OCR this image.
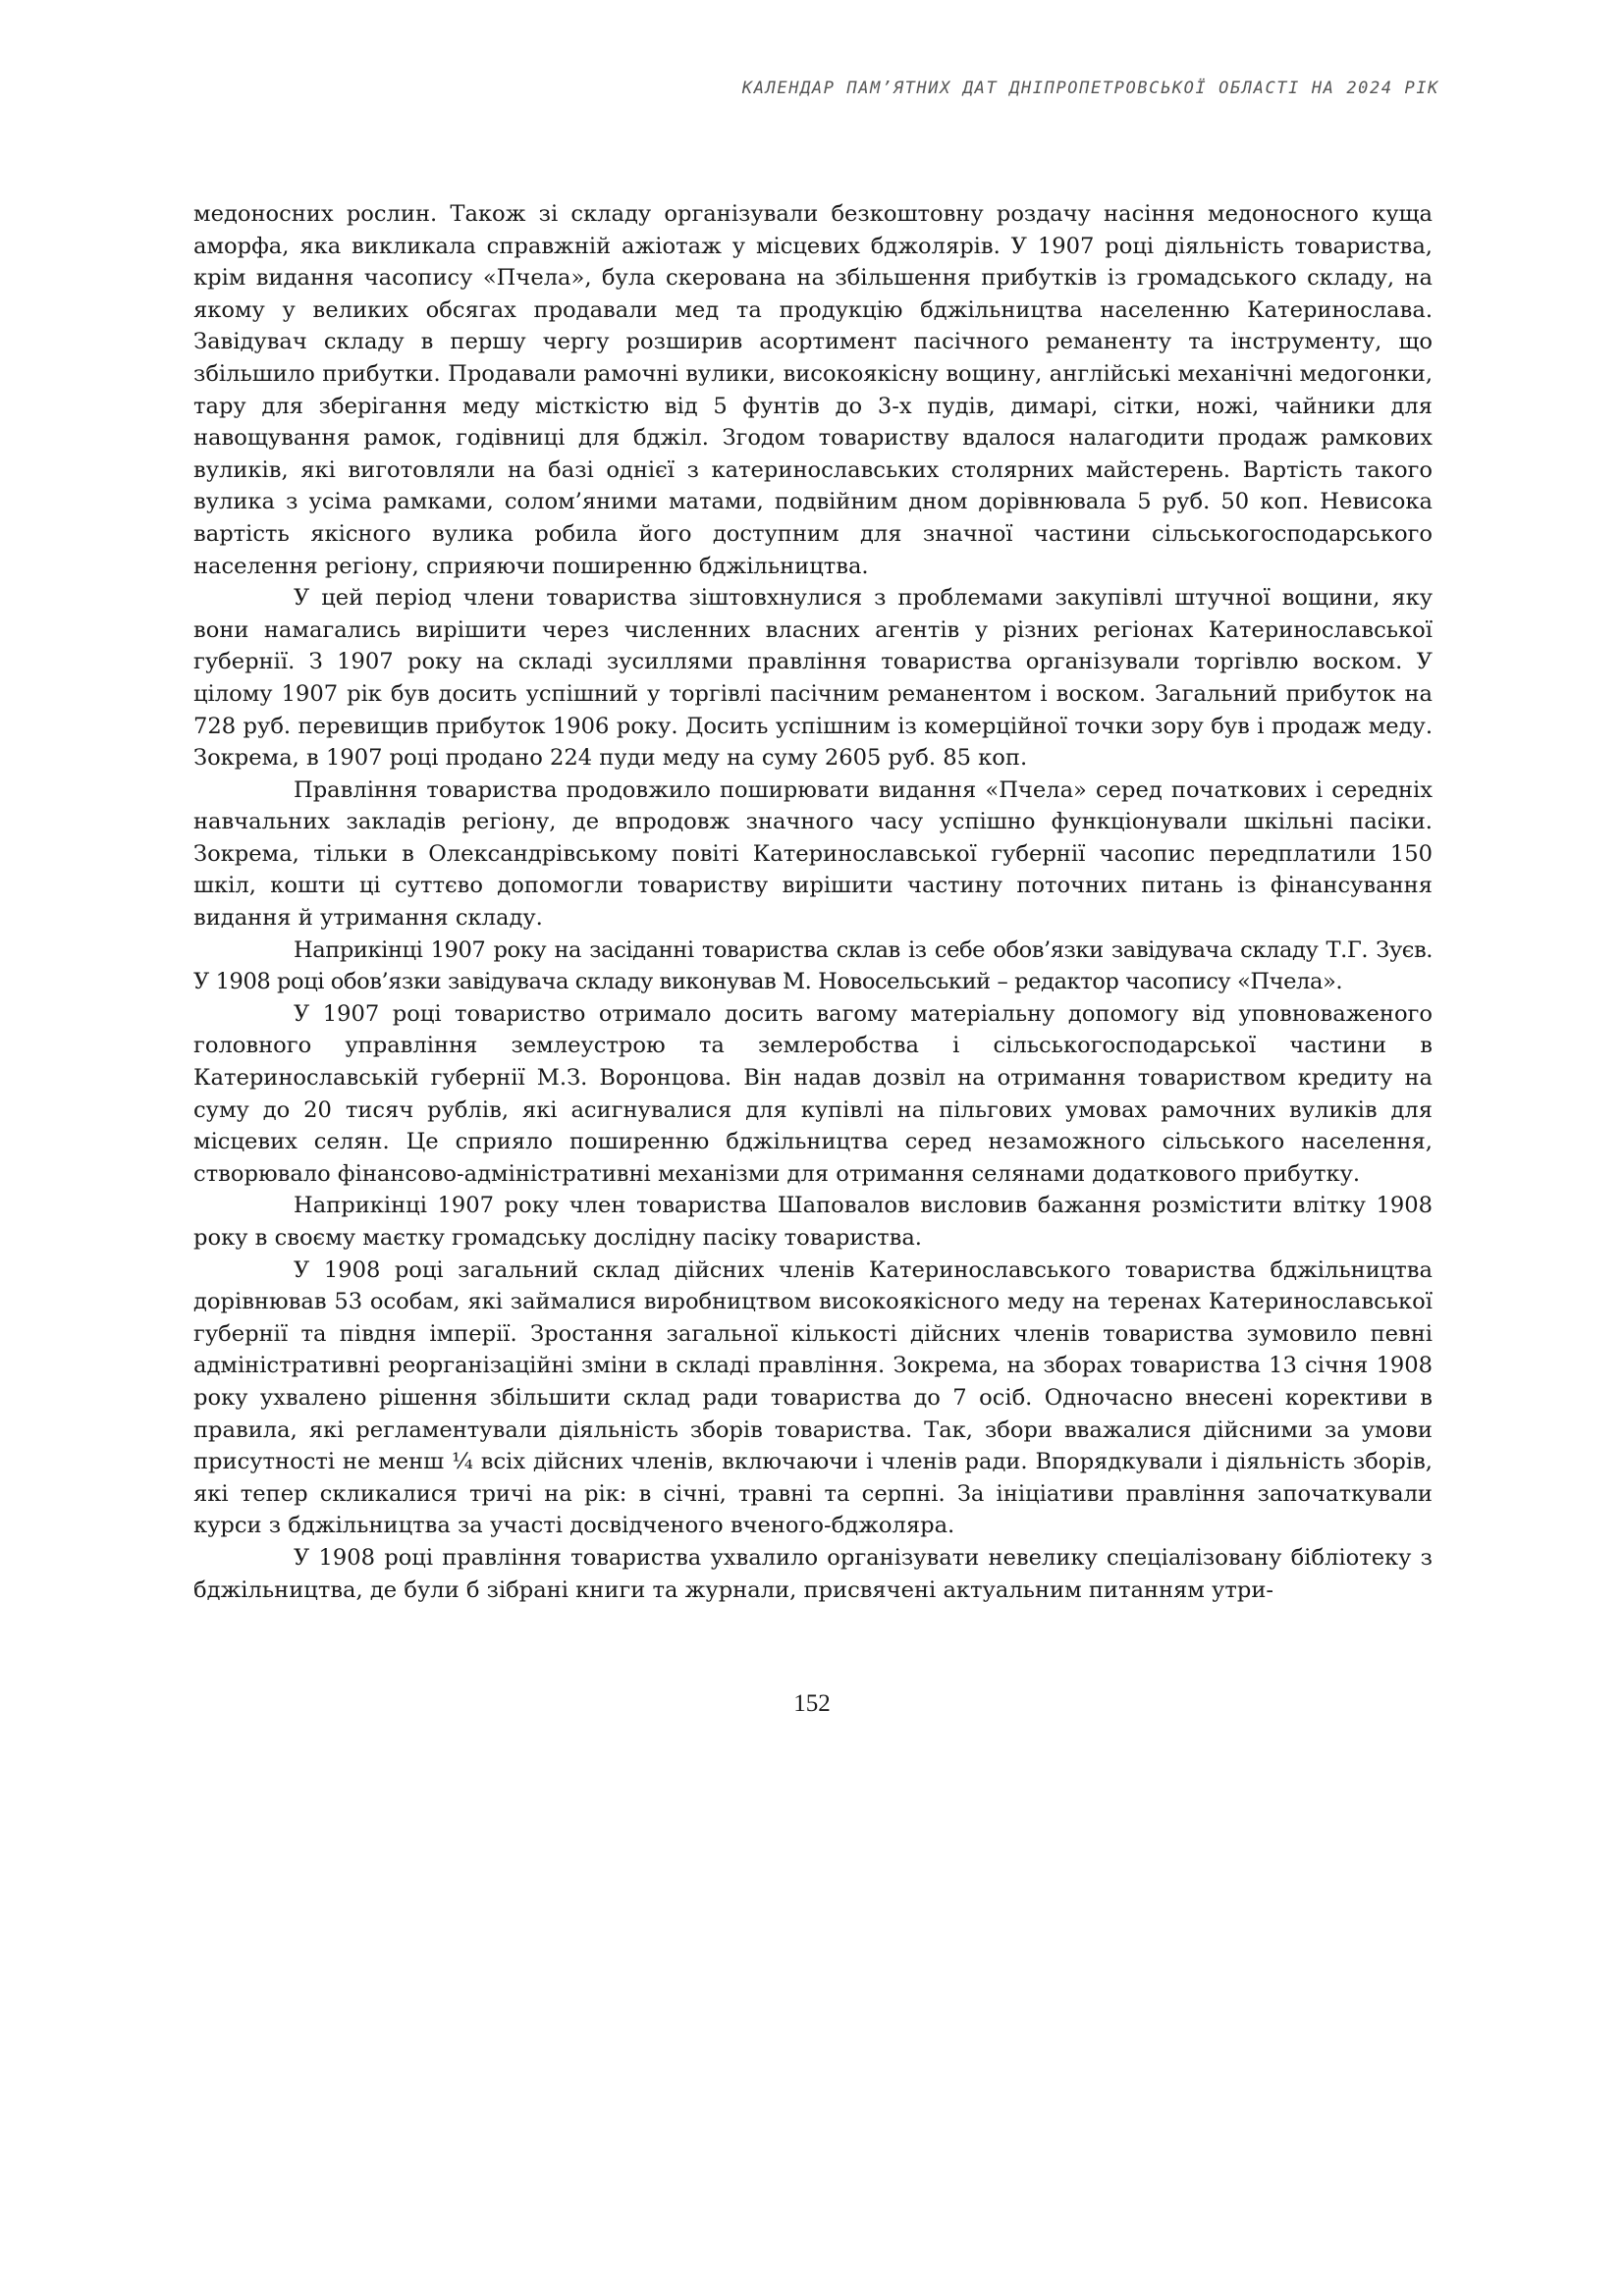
КАЛЕНДАР ПАМ’ЯТНИХ ДАТ ДНІПРОПЕТРОВСЬКОЇ ОБЛАСТІ НА 2024 РІК

медоносних рослин. Також зі складу організували безкоштовну роздачу насіння медоносного куща аморфа, яка викликала справжній ажіотаж у місцевих бджолярів. У 1907 році діяльність товариства, крім видання часопису «Пчела», була скерована на збільшення прибутків із громадського складу, на якому у великих обсягах продавали мед та продукцію бджільництва населенню Катеринослава. Завідувач складу в першу чергу розширив асортимент пасічного реманенту та інструменту, що збільшило прибутки. Продавали рамочні вулики, високоякісну вощину, англійські механічні медогонки, тару для зберігання меду місткістю від 5 фунтів до 3-х пудів, димарі, сітки, ножі, чайники для навощування рамок, годівниці для бджіл. Згодом товариству вдалося налагодити продаж рамкових вуликів, які виготовляли на базі однієї з катеринославських столярних майстерень. Вартість такого вулика з усіма рамками, солом’яними матами, подвійним дном дорівнювала 5 руб. 50 коп. Невисока вартість якісного вулика робила його доступним для значної частини сільськогосподарського населення регіону, сприяючи поширенню бджільництва.

У цей період члени товариства зіштовхнулися з проблемами закупівлі штучної вощини, яку вони намагались вирішити через численних власних агентів у різних регіонах Катеринославської губернії. З 1907 року на складі зусиллями правління товариства організували торгівлю воском. У цілому 1907 рік був досить успішний у торгівлі пасічним реманентом і воском. Загальний прибуток на 728 руб. перевищив прибуток 1906 року. Досить успішним із комерційної точки зору був і продаж меду. Зокрема, в 1907 році продано 224 пуди меду на суму 2605 руб. 85 коп.

Правління товариства продовжило поширювати видання «Пчела» серед початкових і середніх навчальних закладів регіону, де впродовж значного часу успішно функціонували шкільні пасіки. Зокрема, тільки в Олександрівському повіті Катеринославської губернії часопис передплатили 150 шкіл, кошти ці суттєво допомогли товариству вирішити частину поточних питань із фінансування видання й утримання складу.

Наприкінці 1907 року на засіданні товариства склав із себе обов’язки завідувача складу Т.Г. Зуєв. У 1908 році обов’язки завідувача складу виконував М. Новосельський – редактор часопису «Пчела».

У 1907 році товариство отримало досить вагому матеріальну допомогу від уповноваженого головного управління землеустрою та землеробства і сільськогосподарської частини в Катеринославській губернії М.З. Воронцова. Він надав дозвіл на отримання товариством кредиту на суму до 20 тисяч рублів, які асигнувалися для купівлі на пільгових умовах рамочних вуликів для місцевих селян. Це сприяло поширенню бджільництва серед незаможного сільського населення, створювало фінансово-адміністративні механізми для отримання селянами додаткового прибутку.

Наприкінці 1907 року член товариства Шаповалов висловив бажання розмістити влітку 1908 року в своєму маєтку громадську дослідну пасіку товариства.

У 1908 році загальний склад дійсних членів Катеринославського товариства бджільництва дорівнював 53 особам, які займалися виробництвом високоякісного меду на теренах Катеринославської губернії та півдня імперії. Зростання загальної кількості дійсних членів товариства зумовило певні адміністративні реорганізаційні зміни в складі правління. Зокрема, на зборах товариства 13 січня 1908 року ухвалено рішення збільшити склад ради товариства до 7 осіб. Одночасно внесені корективи в правила, які регламентували діяльність зборів товариства. Так, збори вважалися дійсними за умови присутності не менш ¼ всіх дійсних членів, включаючи і членів ради. Впорядкували і діяльність зборів, які тепер скликалися тричі на рік: в січні, травні та серпні. За ініціативи правління започаткували курси з бджільництва за участі досвідченого вченого-бджоляра.

У 1908 році правління товариства ухвалило організувати невелику спеціалізовану бібліотеку з бджільництва, де були б зібрані книги та журнали, присвячені актуальним питанням утри-

152
